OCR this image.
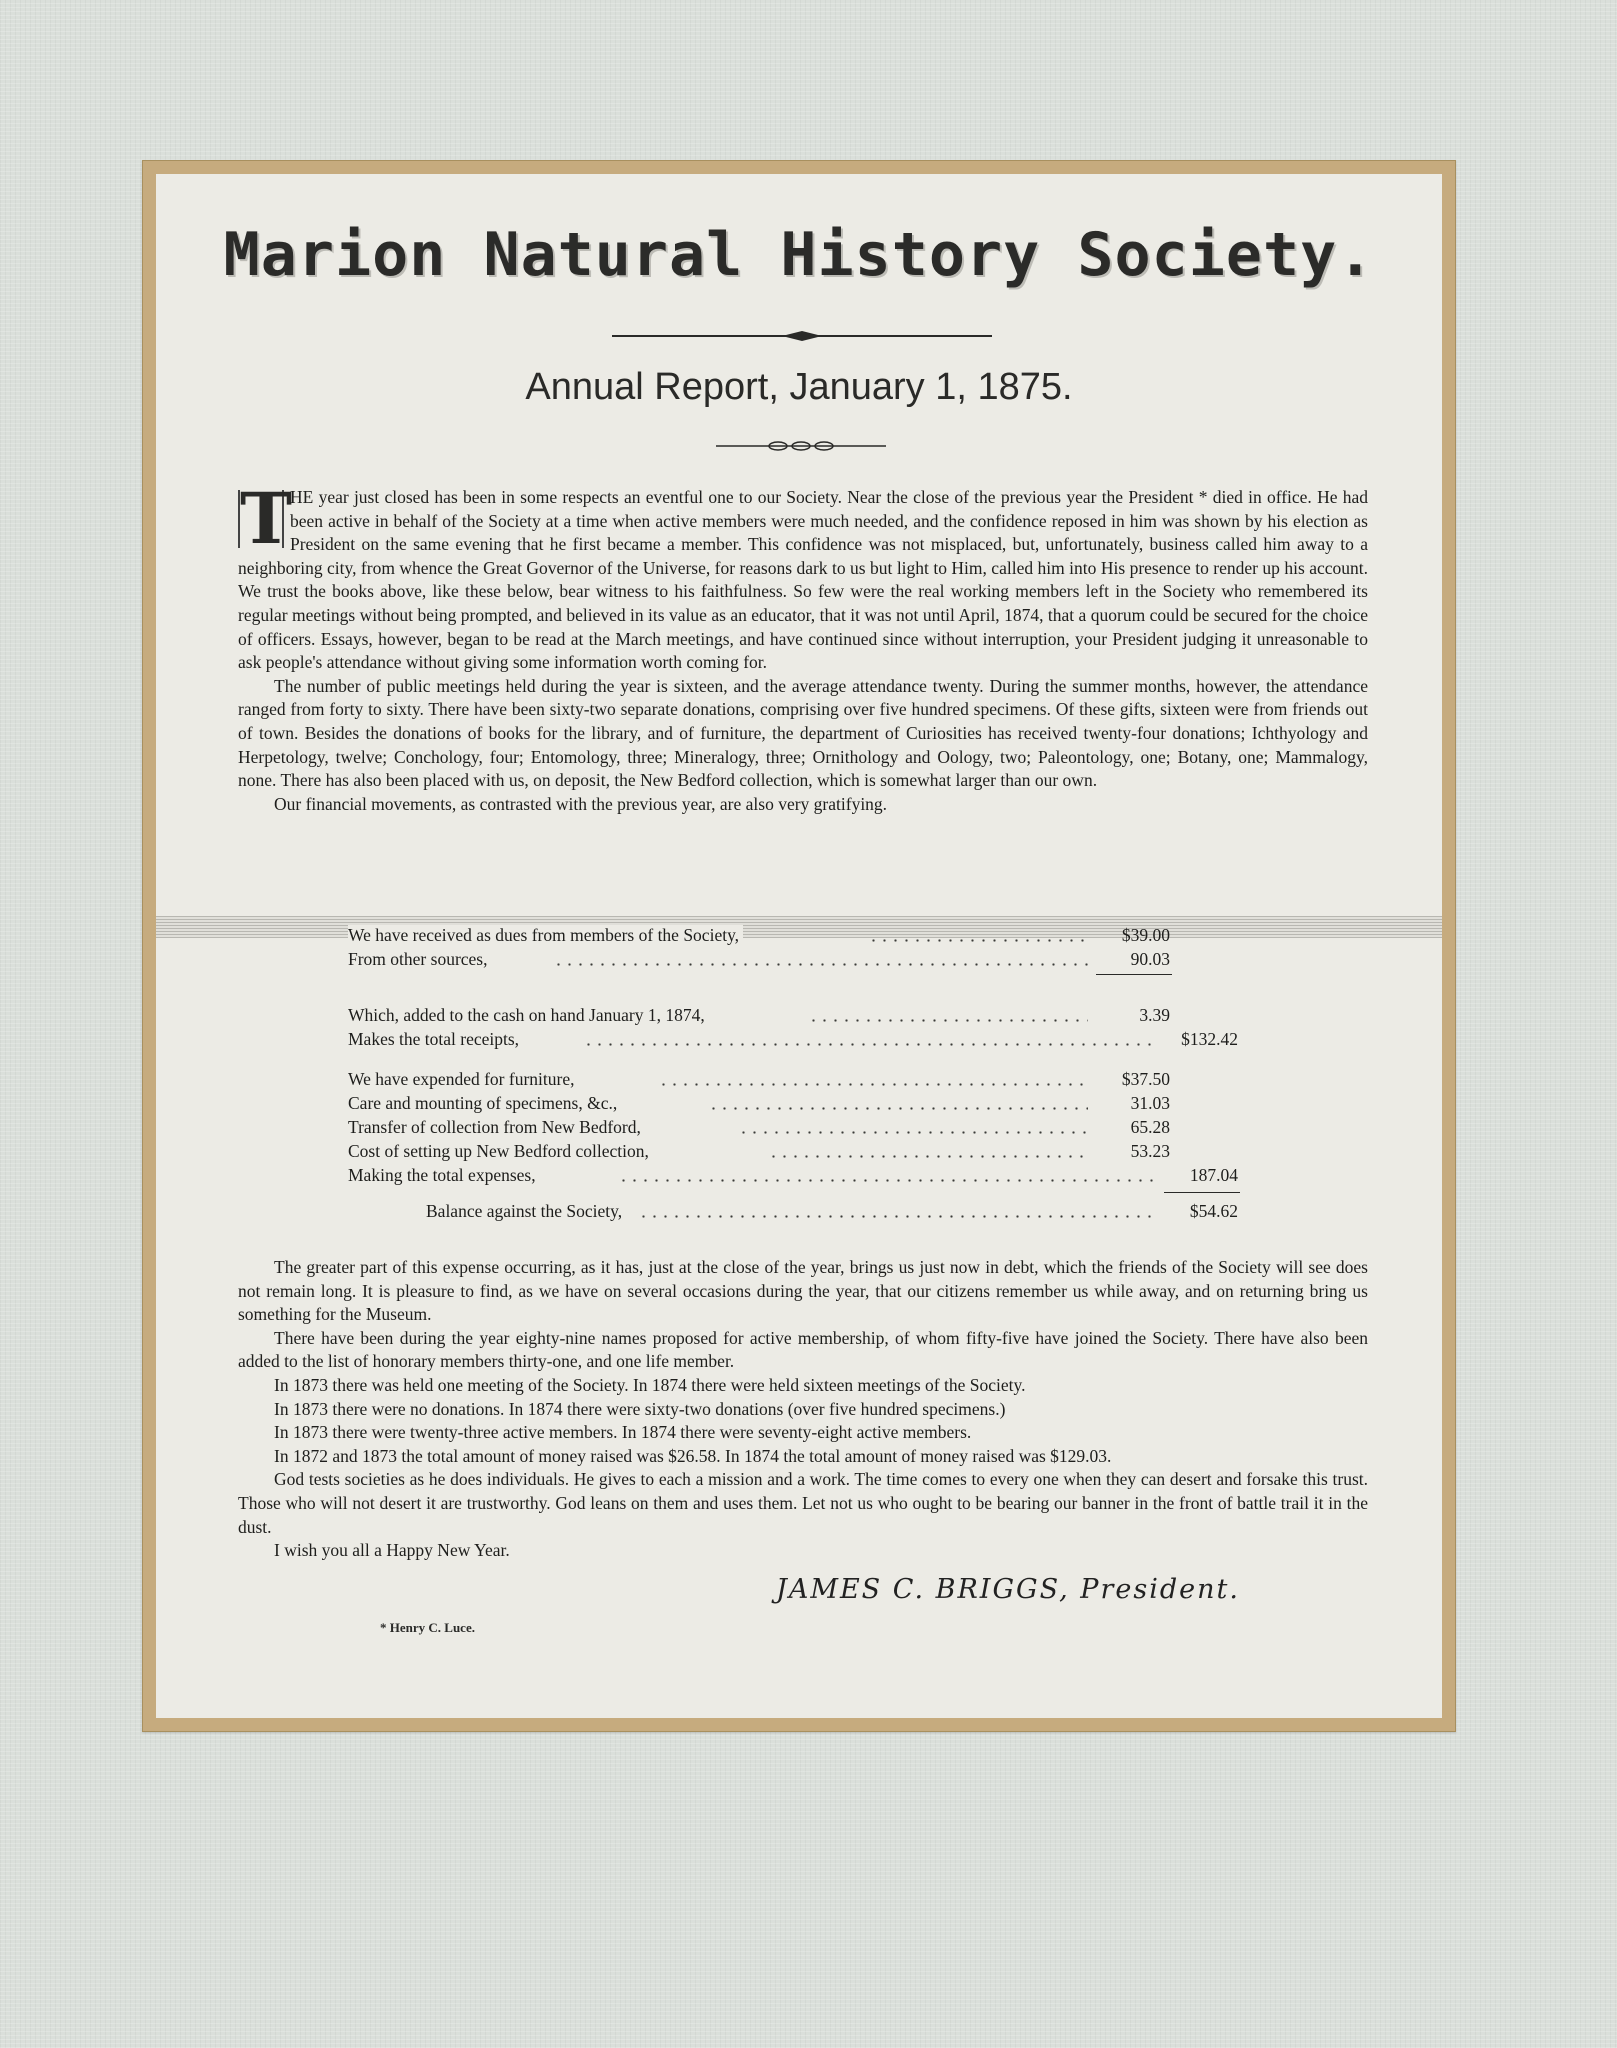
Marion Natural History Society.
Annual Report, January 1, 1875.

T
HE year just closed has been in some respects an eventful one to our Society. Near the close of the previous year the President * died in office. He had been active in behalf of the Society at a time when active members were much needed, and the confidence reposed in him was shown by his election as President on the same evening that he first became a member. This confidence was not misplaced, but, unfortunately, business called him away to a neighboring city, from whence the Great Governor of the Universe, for reasons dark to us but light to Him, called him into His presence to render up his account. We trust the books above, like these below, bear witness to his faithfulness. So few were the real working members left in the Society who remembered its regular meetings without being prompted, and believed in its value as an educator, that it was not until April, 1874, that a quorum could be secured for the choice of officers. Essays, however, began to be read at the March meetings, and have continued since without interruption, your President judging it unreasonable to ask people's attendance without giving some information worth coming for.

The number of public meetings held during the year is sixteen, and the average attendance twenty. During the summer months, however, the attendance ranged from forty to sixty. There have been sixty-two separate donations, comprising over five hundred specimens. Of these gifts, sixteen were from friends out of town. Besides the donations of books for the library, and of furniture, the department of Curiosities has received twenty-four donations; Ichthyology and Herpetology, twelve; Conchology, four; Entomology, three; Mineralogy, three; Ornithology and Oology, two; Paleontology, one; Botany, one; Mammalogy, none. There has also been placed with us, on deposit, the New Bedford collection, which is somewhat larger than our own.

Our financial movements, as contrasted with the previous year, are also very gratifying.

We have received as dues from members of the Society,	$39.00
From other sources,	90.03
Which, added to the cash on hand January 1, 1874,	3.39
Makes the total receipts,	$132.42
We have expended for furniture,	$37.50
Care and mounting of specimens, &c.,	31.03
Transfer of collection from New Bedford,	65.28
Cost of setting up New Bedford collection,	53.23
Making the total expenses,	187.04
Balance against the Society,	$54.62

The greater part of this expense occurring, as it has, just at the close of the year, brings us just now in debt, which the friends of the Society will see does not remain long. It is pleasure to find, as we have on several occasions during the year, that our citizens remember us while away, and on returning bring us something for the Museum.

There have been during the year eighty-nine names proposed for active membership, of whom fifty-five have joined the Society. There have also been added to the list of honorary members thirty-one, and one life member.

In 1873 there was held one meeting of the Society. In 1874 there were held sixteen meetings of the Society.

In 1873 there were no donations. In 1874 there were sixty-two donations (over five hundred specimens.)

In 1873 there were twenty-three active members. In 1874 there were seventy-eight active members.

In 1872 and 1873 the total amount of money raised was $26.58. In 1874 the total amount of money raised was $129.03.

God tests societies as he does individuals. He gives to each a mission and a work. The time comes to every one when they can desert and forsake this trust. Those who will not desert it are trustworthy. God leans on them and uses them. Let not us who ought to be bearing our banner in the front of battle trail it in the dust.

I wish you all a Happy New Year.

JAMES C. BRIGGS, President.
* Henry C. Luce.
